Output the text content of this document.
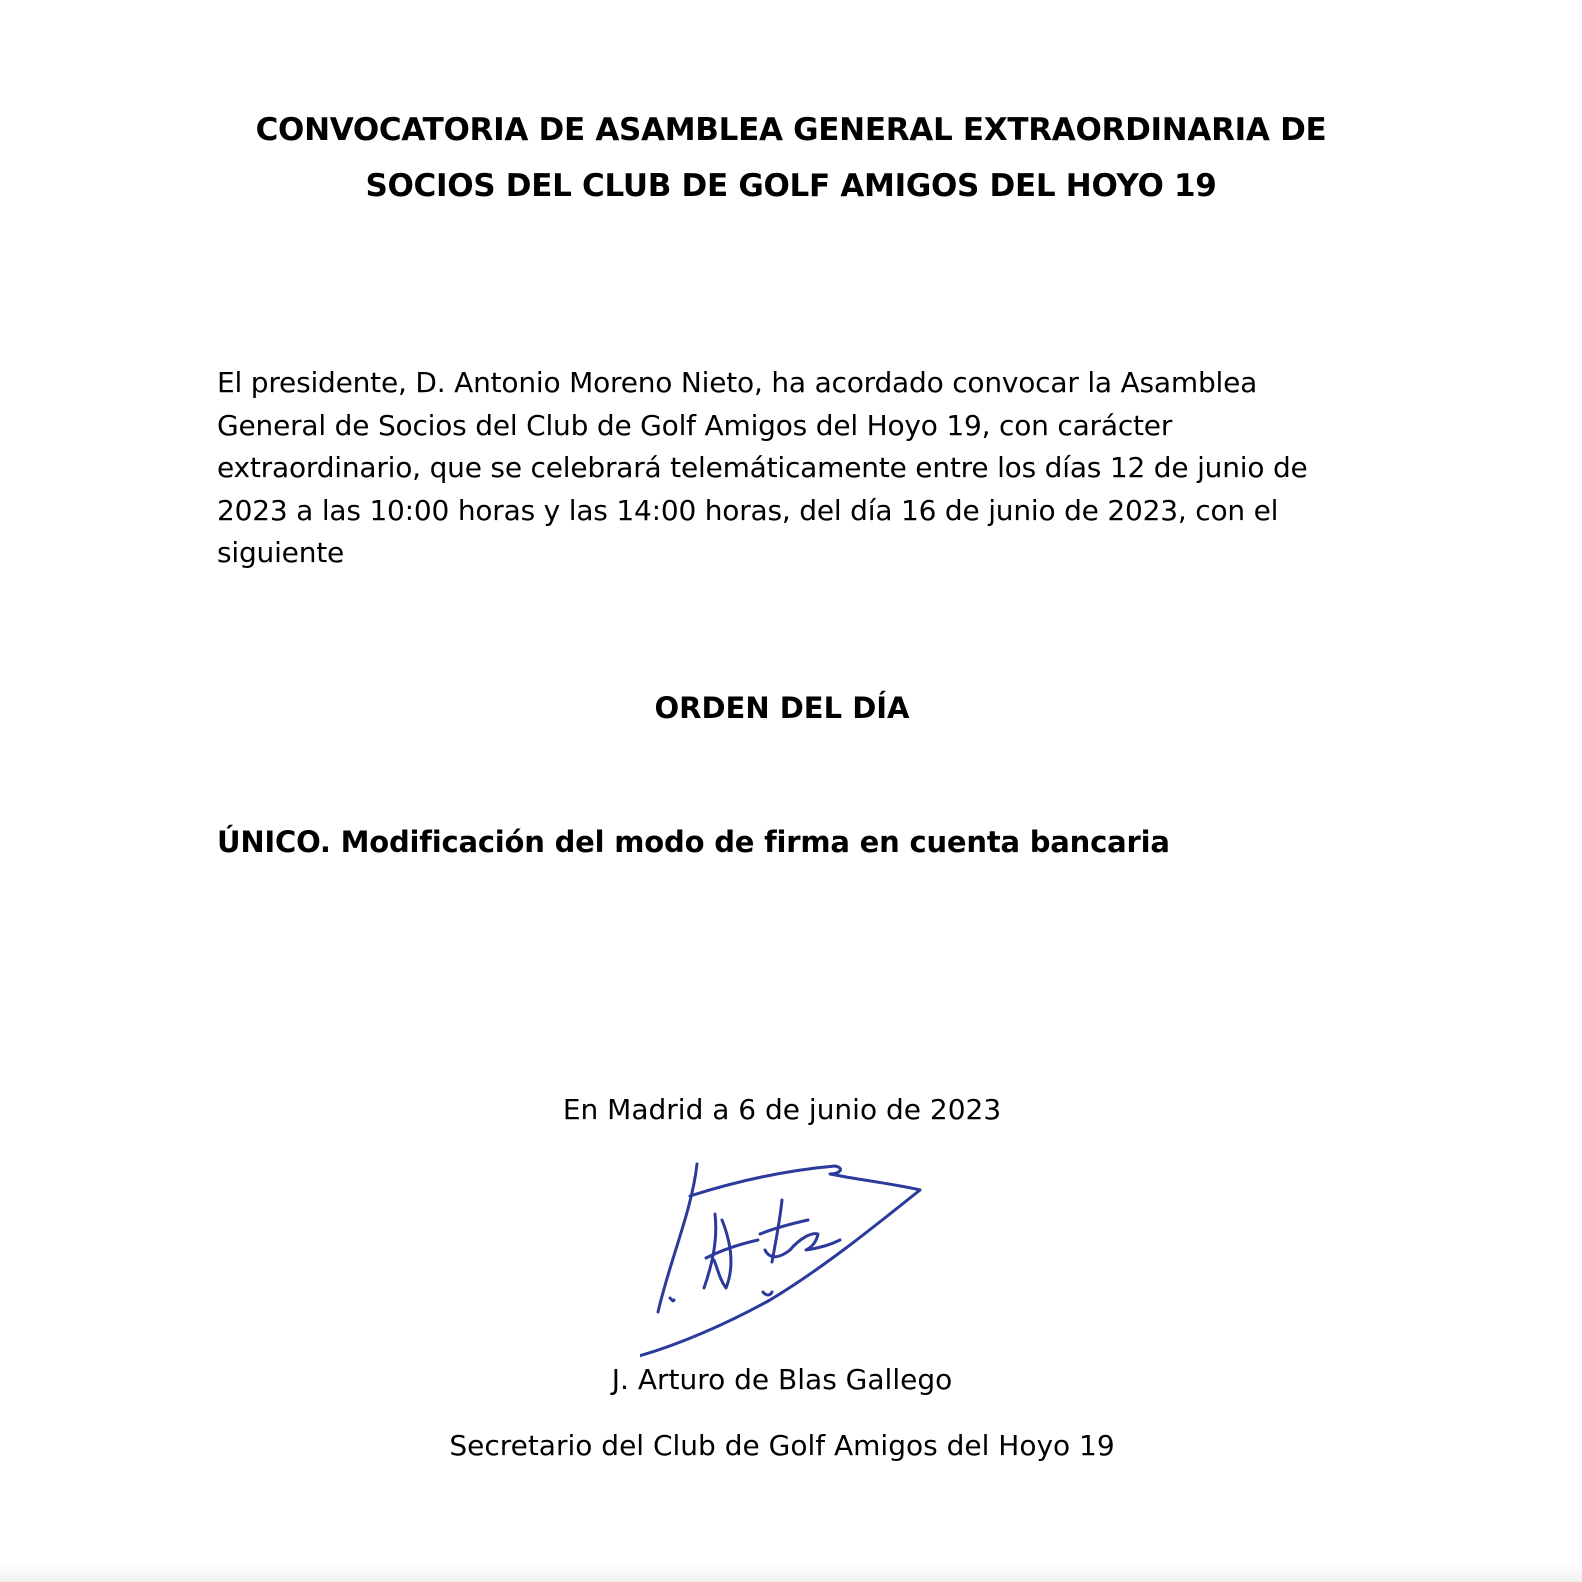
CONVOCATORIA DE ASAMBLEA GENERAL EXTRAORDINARIA DE
SOCIOS DEL CLUB DE GOLF AMIGOS DEL HOYO 19
El presidente, D. Antonio Moreno Nieto, ha acordado convocar la Asamblea
General de Socios del Club de Golf Amigos del Hoyo 19, con carácter
extraordinario, que se celebrará telemáticamente entre los días 12 de junio de
2023 a las 10:00 horas y las 14:00 horas, del día 16 de junio de 2023, con el
siguiente
ORDEN DEL DÍA
ÚNICO. Modificación del modo de firma en cuenta bancaria
En Madrid a 6 de junio de 2023
J. Arturo de Blas Gallego
Secretario del Club de Golf Amigos del Hoyo 19
